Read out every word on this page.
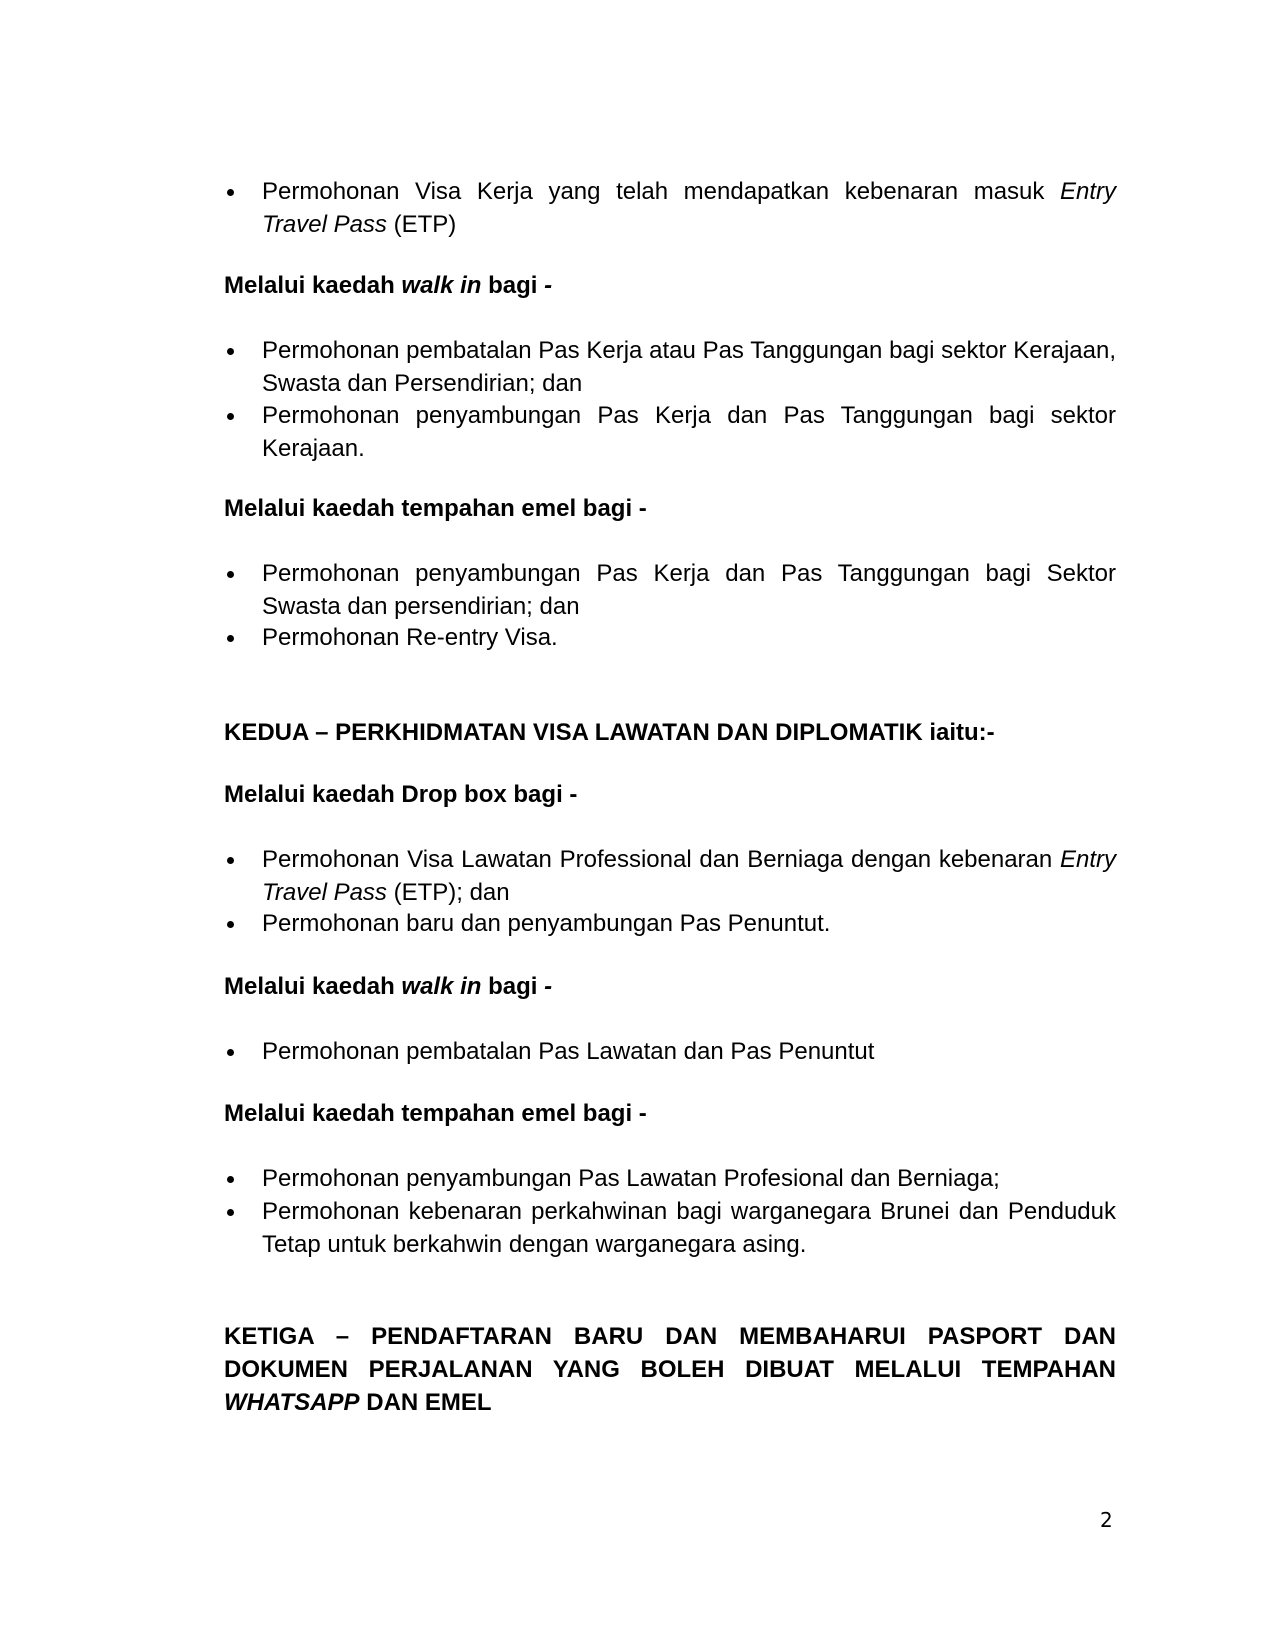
Permohonan Visa Kerja yang telah mendapatkan kebenaran masuk Entry Travel Pass (ETP)
Melalui kaedah walk in bagi -
Permohonan pembatalan Pas Kerja atau Pas Tanggungan bagi sektor Kerajaan, Swasta dan Persendirian; dan
Permohonan penyambungan Pas Kerja dan Pas Tanggungan bagi sektor Kerajaan.
Melalui kaedah tempahan emel bagi -
Permohonan penyambungan Pas Kerja dan Pas Tanggungan bagi Sektor Swasta dan persendirian; dan
Permohonan Re-entry Visa.
KEDUA – PERKHIDMATAN VISA LAWATAN DAN DIPLOMATIK iaitu:-
Melalui kaedah Drop box bagi -
Permohonan Visa Lawatan Professional dan Berniaga dengan kebenaran Entry Travel Pass (ETP); dan
Permohonan baru dan penyambungan Pas Penuntut.
Melalui kaedah walk in bagi -
Permohonan pembatalan Pas Lawatan dan Pas Penuntut
Melalui kaedah tempahan emel bagi -
Permohonan penyambungan Pas Lawatan Profesional dan Berniaga;
Permohonan kebenaran perkahwinan bagi warganegara Brunei dan Penduduk Tetap untuk berkahwin dengan warganegara asing.
KETIGA – PENDAFTARAN BARU DAN MEMBAHARUI PASPORT DAN DOKUMEN PERJALANAN YANG BOLEH DIBUAT MELALUI TEMPAHAN WHATSAPP DAN EMEL
2
